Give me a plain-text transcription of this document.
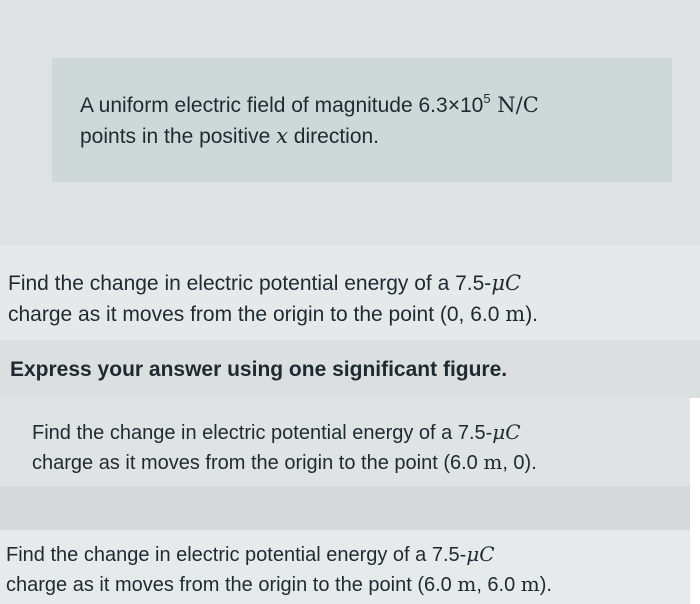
A uniform electric field of magnitude $6.3\times 10^5$ N/C
points in the positive x direction.
Find the change in electric potential energy of a 7.5-μC
charge as it moves from the origin to the point (0, 6.0 m).
Express your answer using one significant figure.
Find the change in electric potential energy of a 7.5-μC
charge as it moves from the origin to the point (6.0 m, 0).
Find the change in electric potential energy of a 7.5-μC
charge as it moves from the origin to the point (6.0 m, 6.0 m).
